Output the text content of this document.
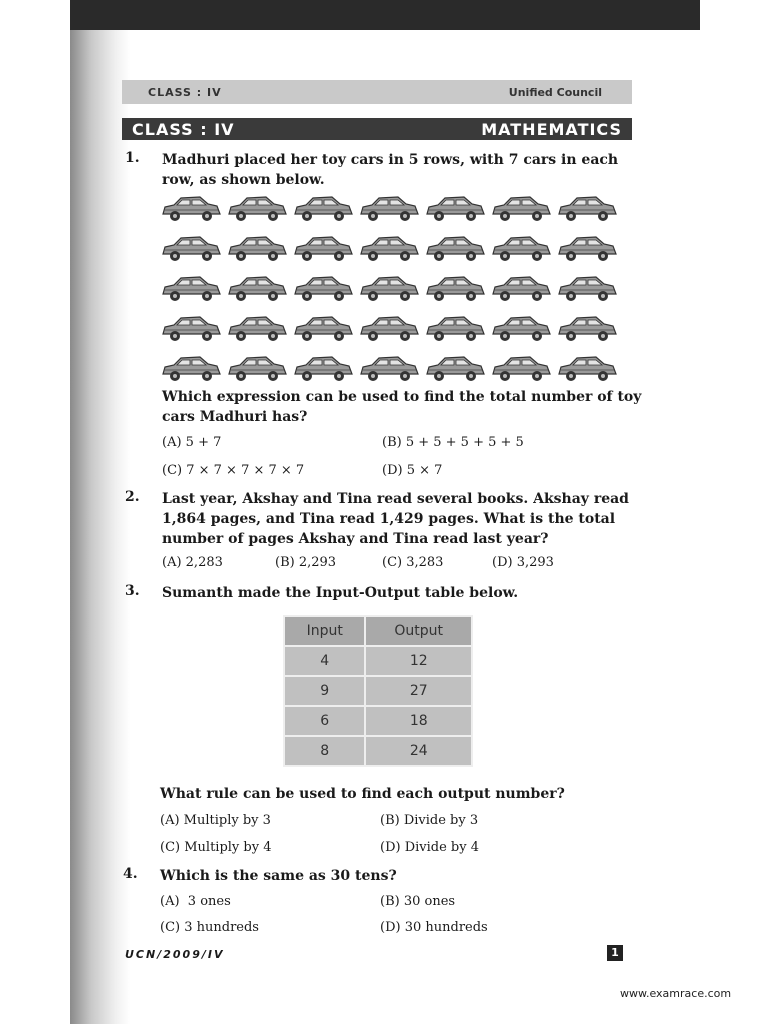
CLASS : IV	Unified Council
CLASS : IV	MATHEMATICS
1. Madhuri placed her toy cars in 5 rows, with 7 cars in each row, as shown below.

Which expression can be used to find the total number of toy cars Madhuri has?

(A) 5 + 7	(B) 5 + 5 + 5 + 5 + 5
(C) 7 × 7 × 7 × 7 × 7	(D) 5 × 7
2. Last year, Akshay and Tina read several books. Akshay read 1,864 pages, and Tina read 1,429 pages. What is the total number of pages Akshay and Tina read last year?

(A) 2,283	(B) 2,293	(C) 3,283	(D) 3,293
3. Sumanth made the Input-Output table below.

Input	Output
4	12
9	27
6	18
8	24

What rule can be used to find each output number?

(A) Multiply by 3	(B) Divide by 3
(C) Multiply by 4	(D) Divide by 4
4. Which is the same as 30 tens?

(A)  3 ones	(B) 30 ones
(C) 3 hundreds	(D) 30 hundreds
UCN/2009/IV	1
www.examrace.com
